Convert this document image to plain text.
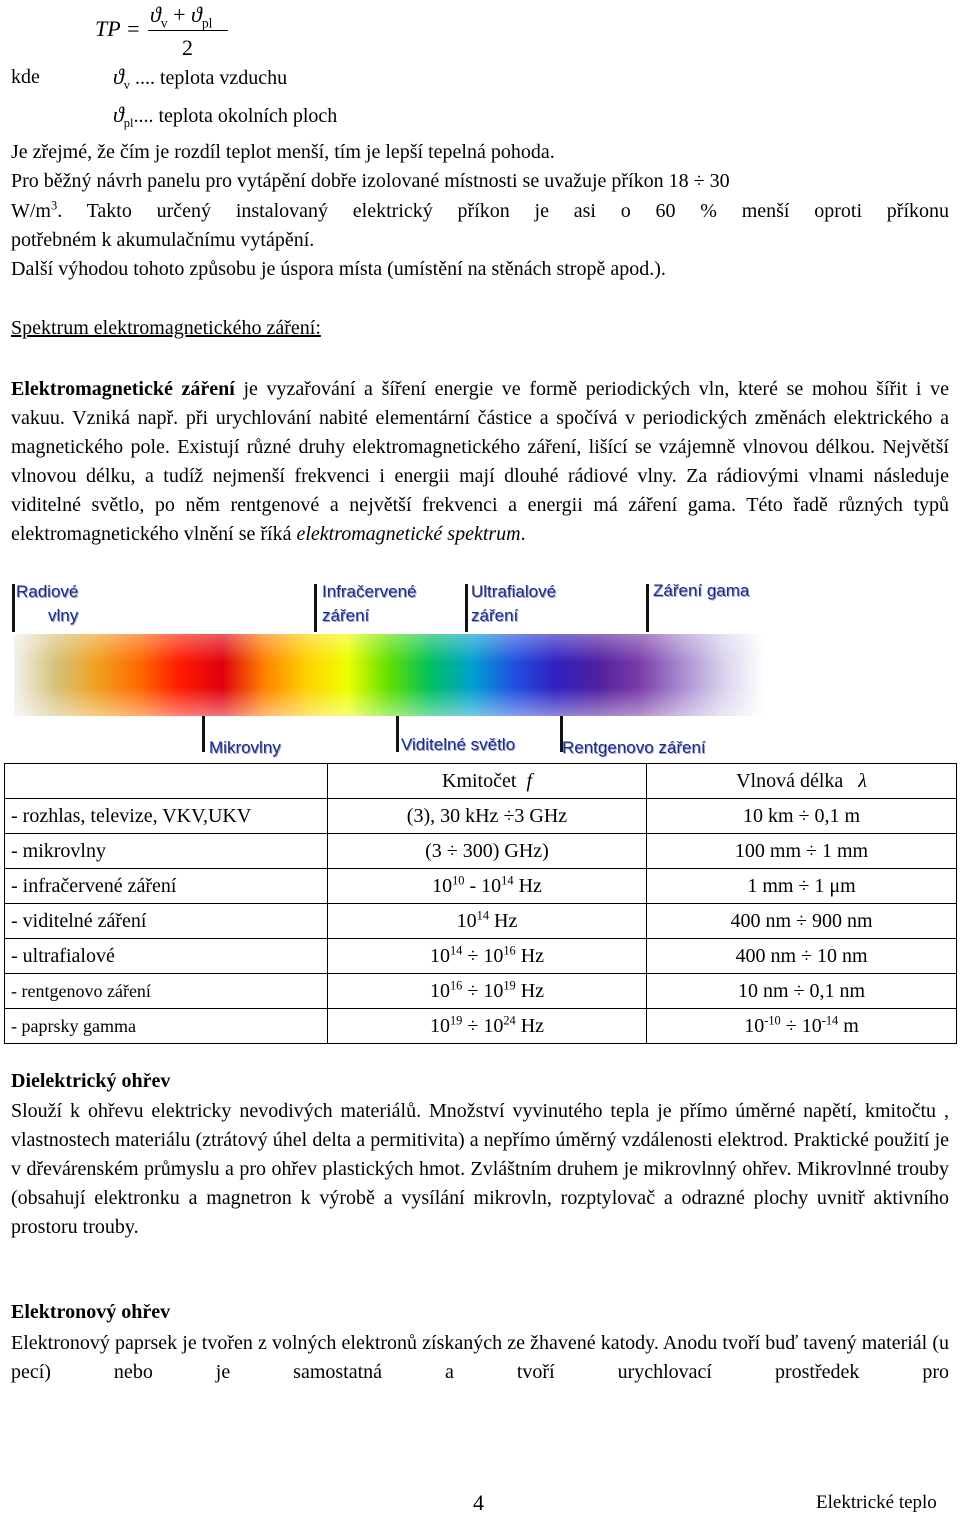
TP =
$ϑ_v + ϑ_{pl}$
2
kde	$ϑ_v$ .... teplota vzduchu
$ϑ_{pl}$.... teplota okolních ploch
Je zřejmé, že čím je rozdíl teplot menší, tím je lepší tepelná pohoda.
Pro běžný návrh panelu pro vytápění dobře izolované místnosti se uvažuje příkon 18 ÷ 30
$W/m^3$. Takto určený instalovaný elektrický příkon je asi o 60 % menší oproti příkonu
potřebném k akumulačnímu vytápění.
Další výhodou tohoto způsobu je úspora místa (umístění na stěnách stropě apod.).
Spektrum elektromagnetického záření:
Elektromagnetické záření je vyzařování a šíření energie ve formě periodických vln, které se mohou šířit i ve vakuu. Vzniká např. při urychlování nabité elementární částice a spočívá v periodických změnách elektrického a magnetického pole. Existují různé druhy elektromagnetického záření, lišící se vzájemně vlnovou délkou. Největší vlnovou délku, a tudíž nejmenší frekvenci i energii mají dlouhé rádiové vlny. Za rádiovými vlnami následuje viditelné světlo, po něm rentgenové a největší frekvenci a energii má záření gama. Této řadě různých typů elektromagnetického vlnění se říká elektromagnetické spektrum.
Radiové
vlny
Infračervené
záření
Ultrafialové
záření
Záření gama
Mikrovlny	Viditelné světlo	Rentgenovo záření
	Kmitočet f	Vlnová délka λ
- rozhlas, televize, VKV,UKV	(3), 30 kHz ÷3 GHz	10 km ÷ 0,1 m
- mikrovlny	(3 ÷ 300) GHz)	100 mm ÷ 1 mm
- infračervené záření	$10^{10} - 10^{14}$ Hz	1 mm ÷ 1 μm
- viditelné záření	$10^{14}$ Hz	400 nm ÷ 900 nm
- ultrafialové	$10^{14} \div 10^{16}$ Hz	400 nm ÷ 10 nm
- rentgenovo záření	$10^{16} \div 10^{19}$ Hz	10 nm ÷ 0,1 nm
- paprsky gamma	$10^{19} \div 10^{24}$ Hz	$10^{-10} \div 10^{-14}$ m
Dielektrický ohřev
Slouží k ohřevu elektricky nevodivých materiálů. Množství vyvinutého tepla je přímo úměrné napětí, kmitočtu , vlastnostech materiálu (ztrátový úhel delta a permitivita) a nepřímo úměrný vzdálenosti elektrod. Praktické použití je v dřevárenském průmyslu a pro ohřev plastických hmot. Zvláštním druhem je mikrovlnný ohřev. Mikrovlnné trouby (obsahují elektronku a magnetron k výrobě a vysílání mikrovln, rozptylovač a odrazné plochy uvnitř aktivního prostoru trouby.
Elektronový ohřev
Elektronový paprsek je tvořen z volných elektronů získaných ze žhavené katody. Anodu tvoří buď tavený materiál (u pecí) nebo je samostatná a tvoří urychlovací prostředek pro
4	Elektrické teplo
